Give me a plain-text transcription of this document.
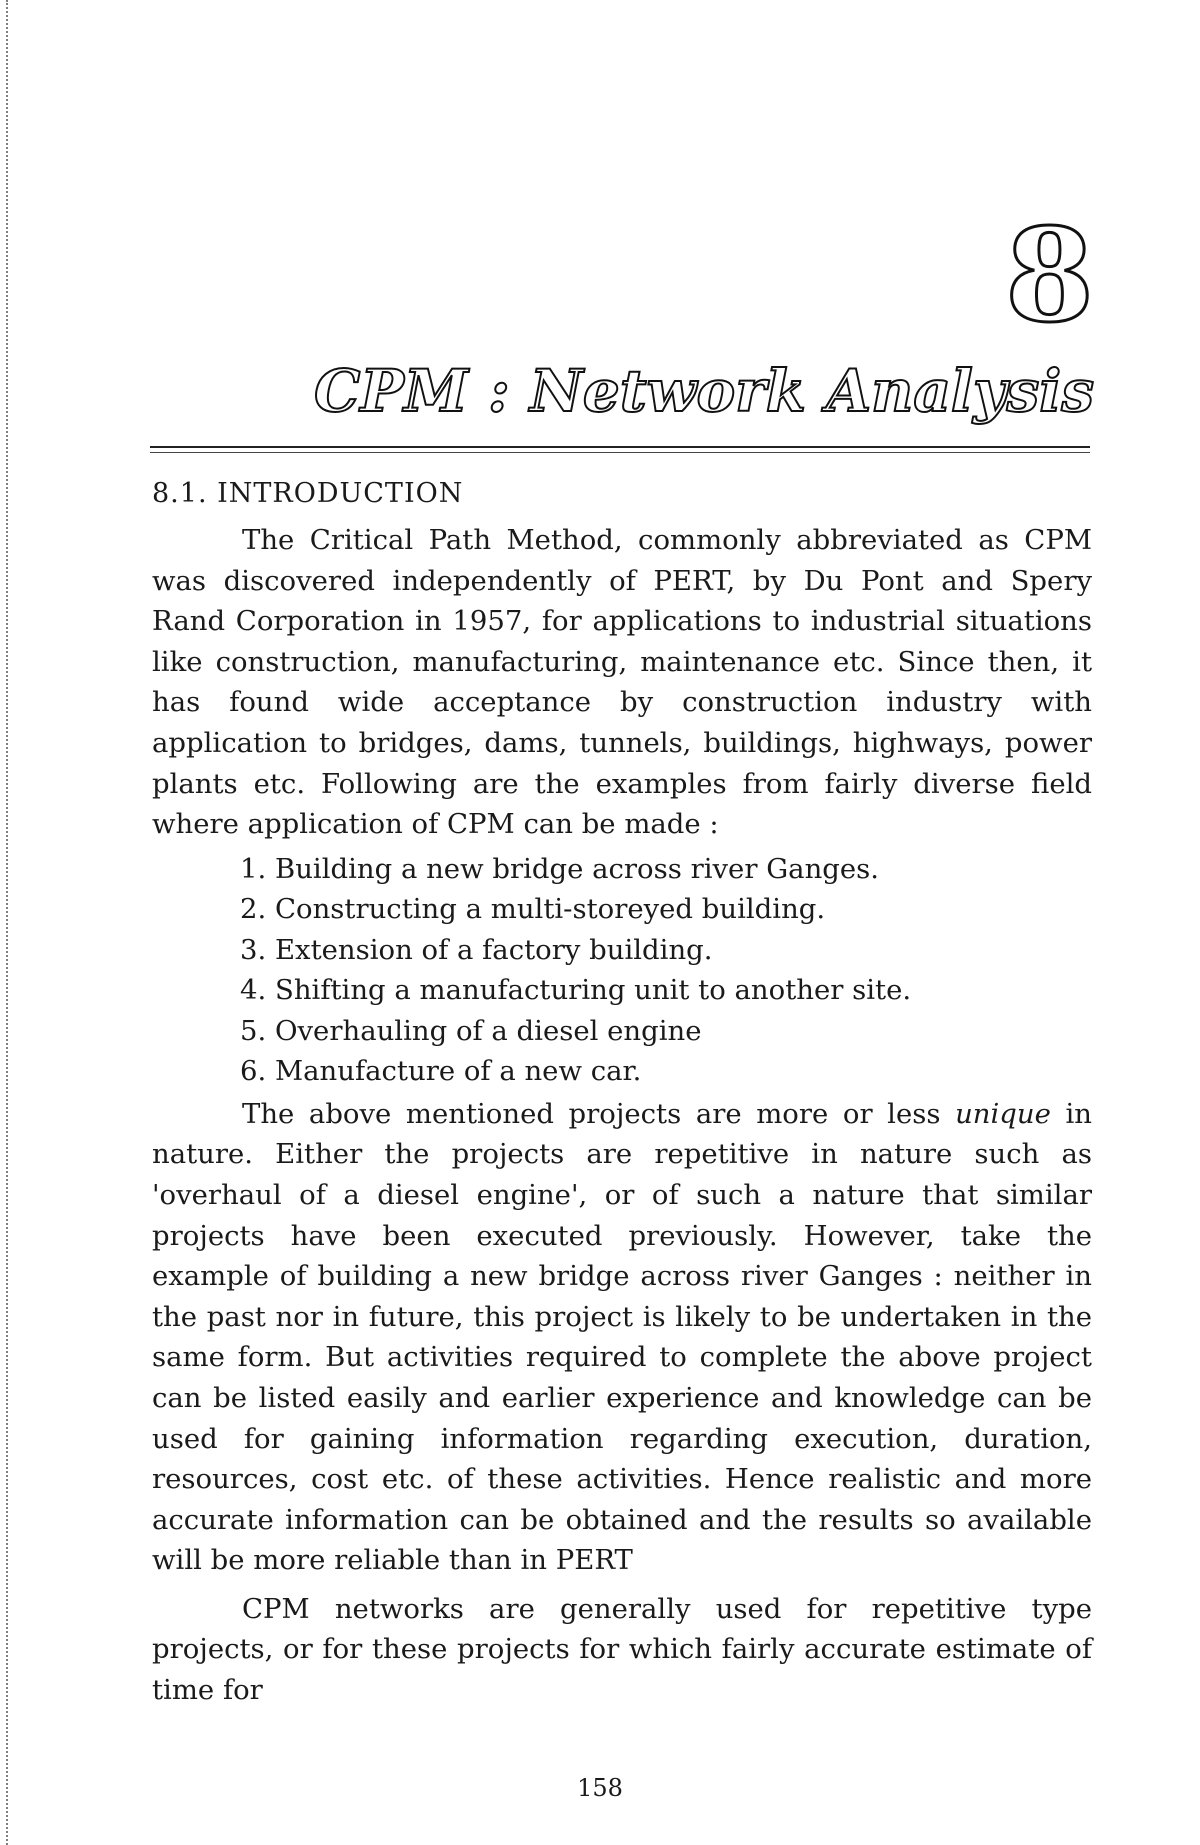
8
CPM : Network Analysis
8.1. INTRODUCTION

The Critical Path Method, commonly abbreviated as CPM was discovered independently of PERT, by Du Pont and Spery Rand Corporation in 1957, for applications to industrial situations like construction, manufacturing, maintenance etc. Since then, it has found wide acceptance by construction industry with application to bridges, dams, tunnels, buildings, highways, power plants etc. Following are the examples from fairly diverse field where application of CPM can be made :

1. Building a new bridge across river Ganges.
2. Constructing a multi-storeyed building.
3. Extension of a factory building.
4. Shifting a manufacturing unit to another site.
5. Overhauling of a diesel engine
6. Manufacture of a new car.

The above mentioned projects are more or less unique in nature. Either the projects are repetitive in nature such as 'overhaul of a diesel engine', or of such a nature that similar projects have been executed previously. However, take the example of building a new bridge across river Ganges : neither in the past nor in future, this project is likely to be undertaken in the same form. But activities required to complete the above project can be listed easily and earlier experience and knowledge can be used for gaining information regarding execution, duration, resources, cost etc. of these activities. Hence realistic and more accurate information can be obtained and the results so available will be more reliable than in PERT

CPM networks are generally used for repetitive type projects, or for these projects for which fairly accurate estimate of time for

158
